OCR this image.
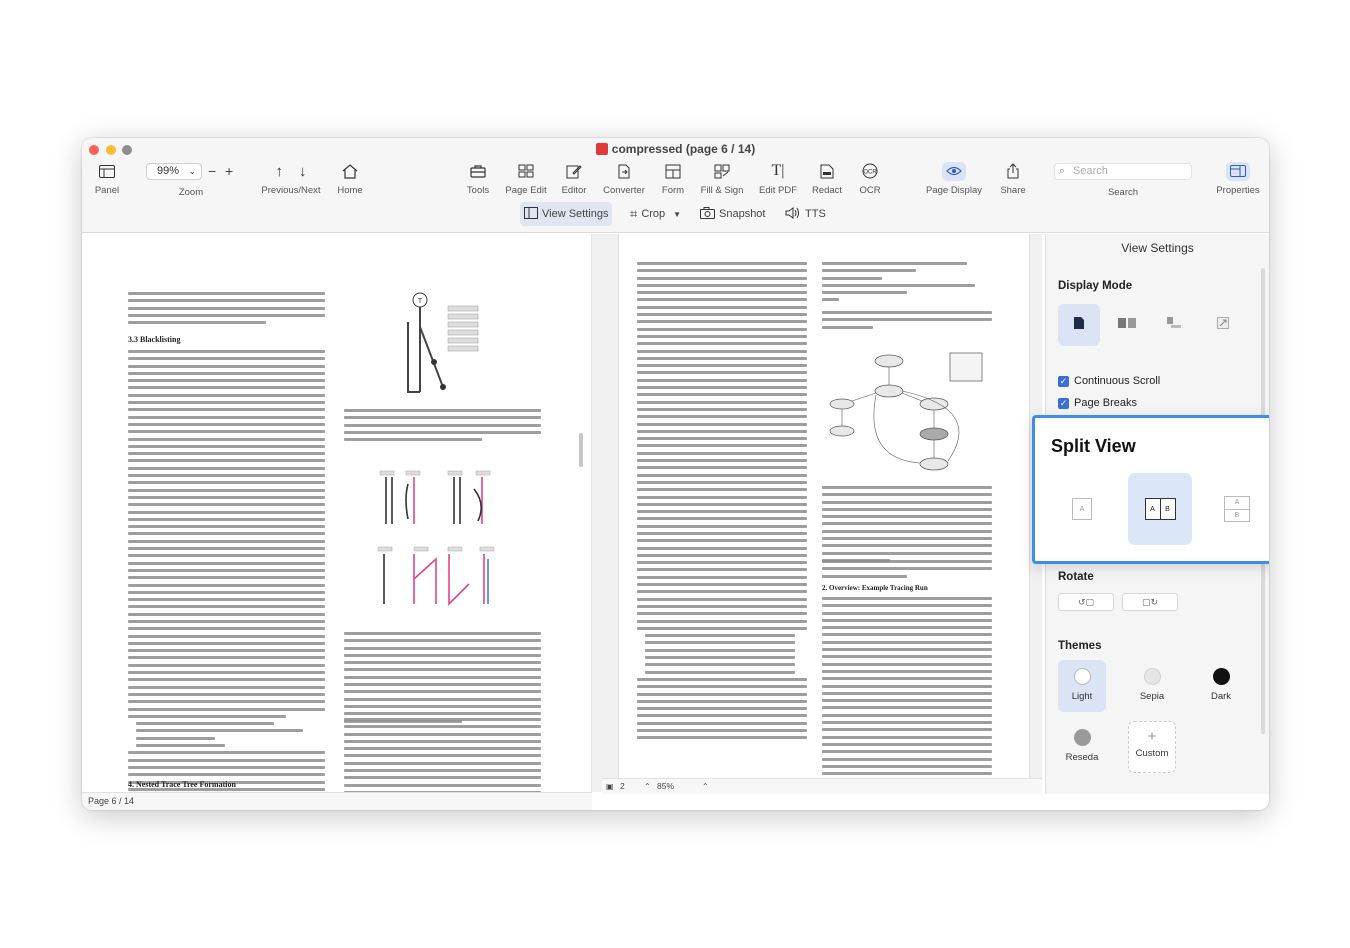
compressed (page 6 / 14)
Panel
99% ⌄ − +
Zoom
↑ ↓
Previous/Next	Home	Tools	Page Edit	Editor	Converter	Form	Fill & Sign
T|
Edit PDF Redact
OCR
OCR	Page Display	Share
⌕ Search
Search	Properties
View Settings ⌗ Crop ▼	Snapshot	TTS
3.3 Blacklisting
4. Nested Trace Tree Formation
T
Page 6 / 14
2. Overview: Example Tracing Run
▣ 2 ⌃ 85%	⌃
View Settings
Display Mode
✓ Continuous Scroll
✓ Page Breaks
Rotate
↺▢	▢↻
Themes
Light	Sepia	Dark
Reseda
+
Custom
Split View
A	A	B
A
B
